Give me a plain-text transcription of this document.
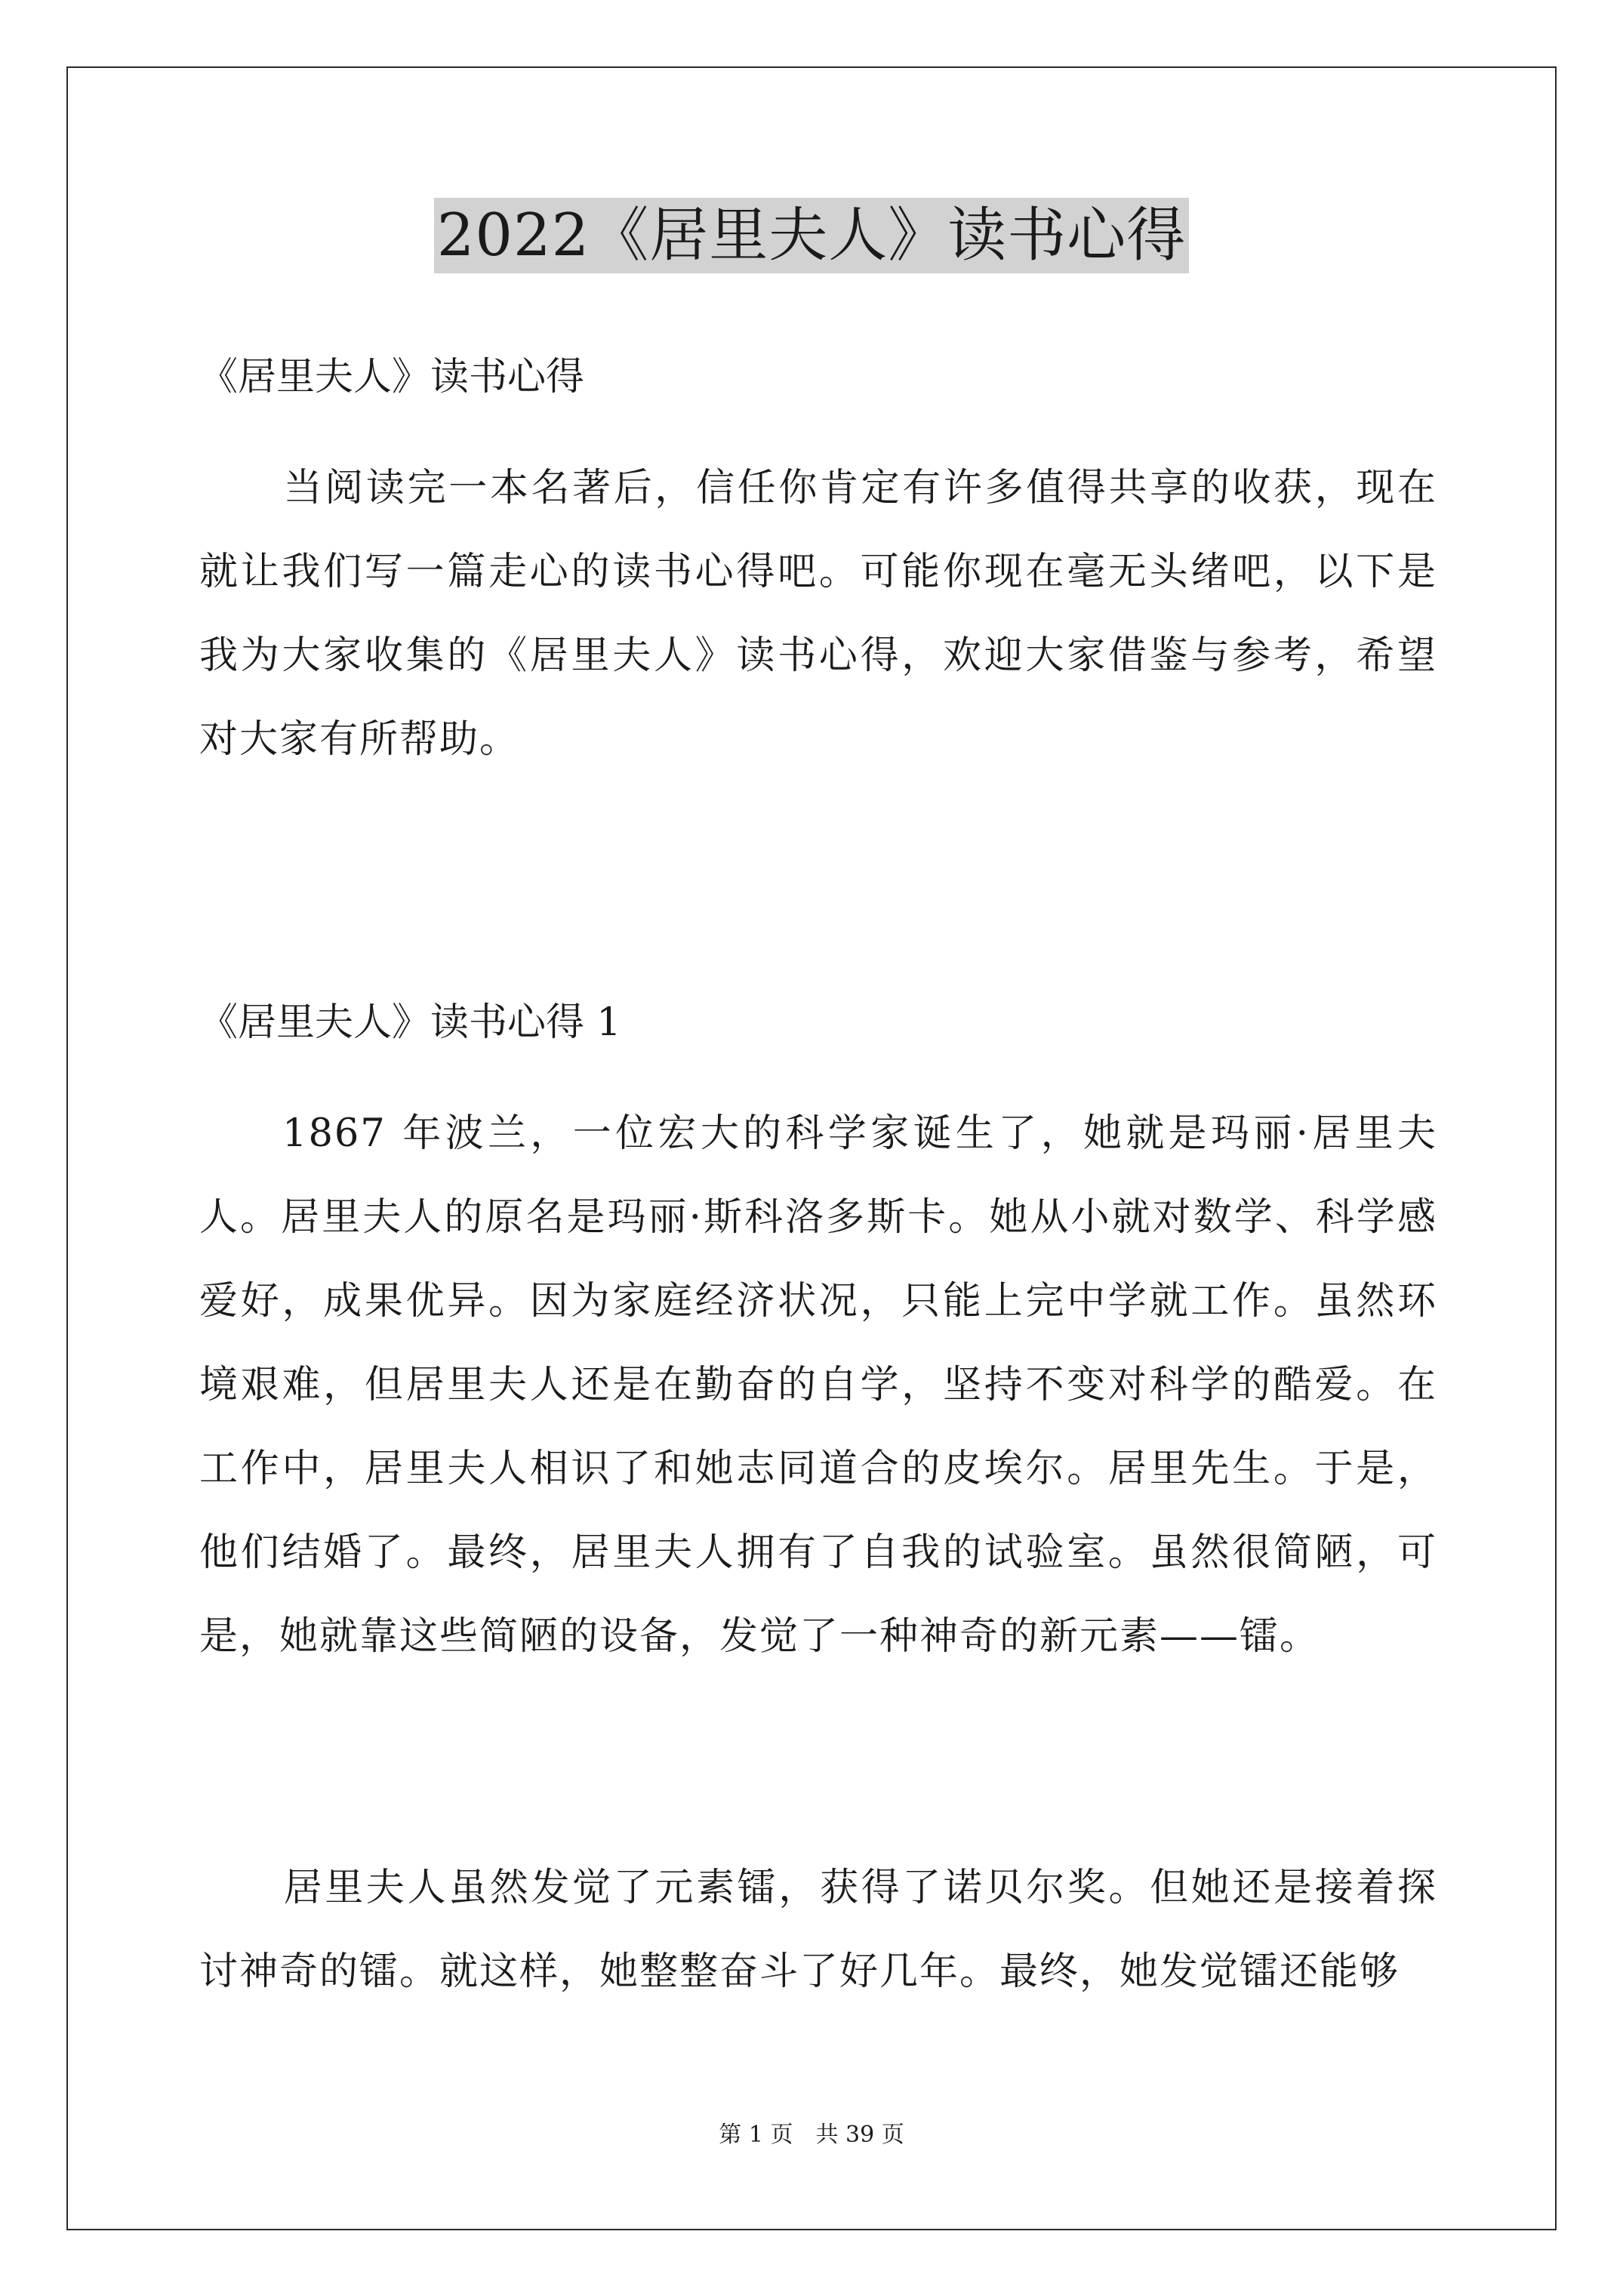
2022《居里夫人》读书心得
《居里夫人》读书心得
当阅读完一本名著后，信任你肯定有许多值得共享的收获，现在就让我们写一篇走心的读书心得吧。可能你现在毫无头绪吧，以下是我为大家收集的《居里夫人》读书心得，欢迎大家借鉴与参考，希望对大家有所帮助。
《居里夫人》读书心得 1
1867 年波兰，一位宏大的科学家诞生了，她就是玛丽·居里夫人。居里夫人的原名是玛丽·斯科洛多斯卡。她从小就对数学、科学感爱好，成果优异。因为家庭经济状况，只能上完中学就工作。虽然环境艰难，但居里夫人还是在勤奋的自学，坚持不变对科学的酷爱。在工作中，居里夫人相识了和她志同道合的皮埃尔。居里先生。于是，他们结婚了。最终，居里夫人拥有了自我的试验室。虽然很简陋，可是，她就靠这些简陋的设备，发觉了一种神奇的新元素——镭。
居里夫人虽然发觉了元素镭，获得了诺贝尔奖。但她还是接着探讨神奇的镭。就这样，她整整奋斗了好几年。最终，她发觉镭还能够
第 1 页　共 39 页
